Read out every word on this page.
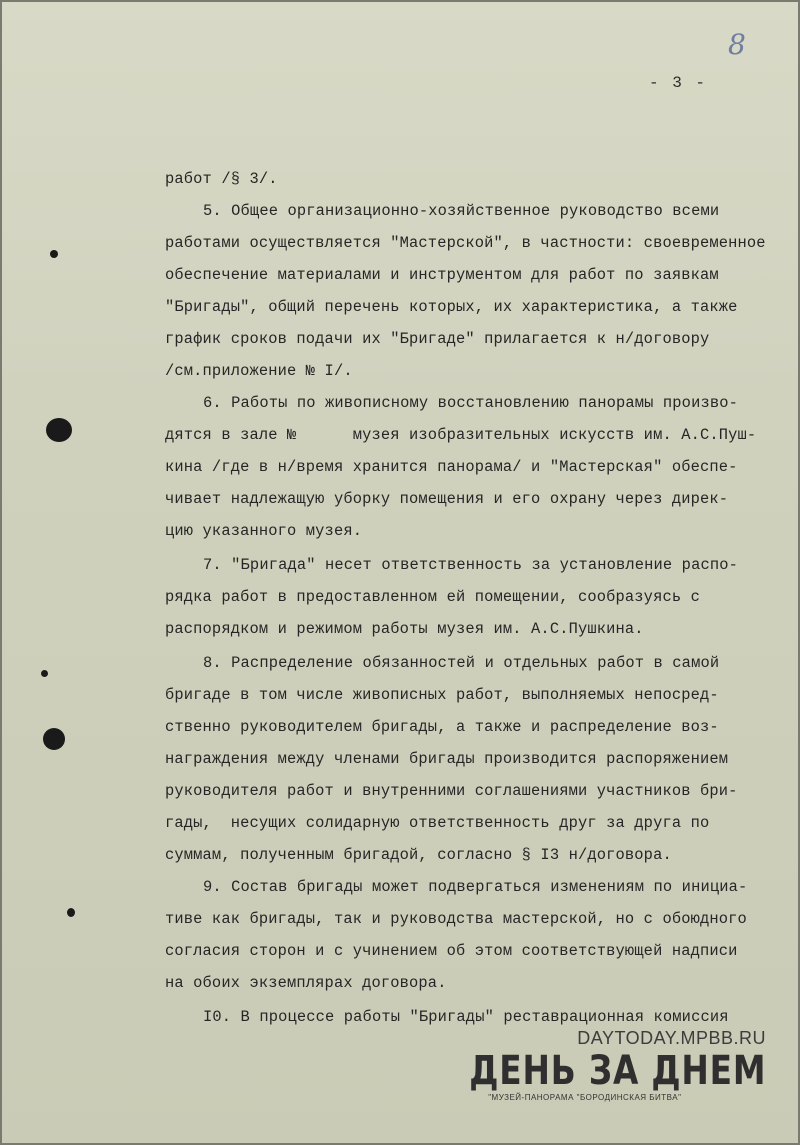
8
- 3 -
работ /§ 3/.
5. Общее организационно-хозяйственное руководство всеми
работами осуществляется "Мастерской", в частности: своевременное
обеспечение материалами и инструментом для работ по заявкам
"Бригады", общий перечень которых, их характеристика, а также
график сроков подачи их "Бригаде" прилагается к н/договору
/см.приложение № I/.
6. Работы по живописному восстановлению панорамы произво-
дятся в зале №      музея изобразительных искусств им. А.С.Пуш-
кина /где в н/время хранится панорама/ и "Мастерская" обеспе-
чивает надлежащую уборку помещения и его охрану через дирек-
цию указанного музея.
7. "Бригада" несет ответственность за установление распо-
рядка работ в предоставленном ей помещении, сообразуясь с
распорядком и режимом работы музея им. А.С.Пушкина.
8. Распределение обязанностей и отдельных работ в самой
бригаде в том числе живописных работ, выполняемых непосред-
ственно руководителем бригады, а также и распределение воз-
награждения между членами бригады производится распоряжением
руководителя работ и внутренними соглашениями участников бри-
гады,  несущих солидарную ответственность друг за друга по
суммам, полученным бригадой, согласно § I3 н/договора.
9. Состав бригады может подвергаться изменениям по инициа-
тиве как бригады, так и руководства мастерской, но с обоюдного
согласия сторон и с учинением об этом соответствующей надписи
на обоих экземплярах договора.
I0. В процессе работы "Бригады" реставрационная комиссия
DAYTODAY.MPBB.RU
ДЕНЬ ЗА ДНЕМ
"МУЗЕЙ-ПАНОРАМА "БОРОДИНСКАЯ БИТВА"
